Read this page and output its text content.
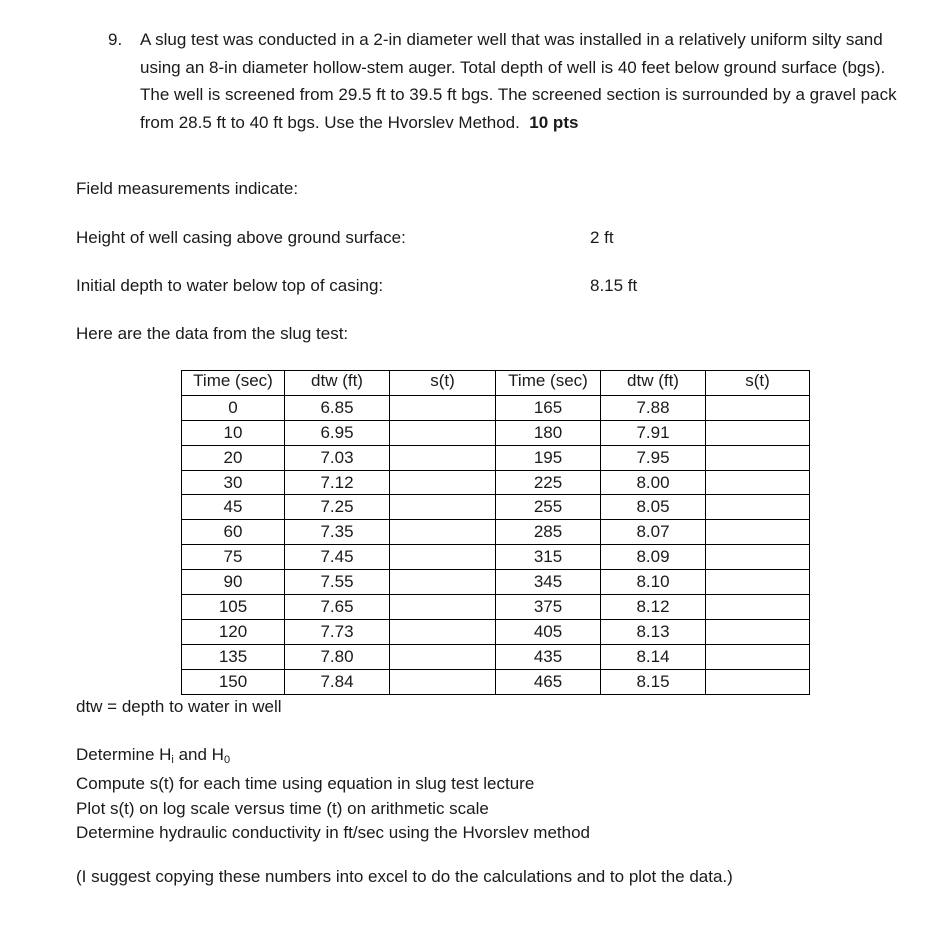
9. A slug test was conducted in a 2-in diameter well that was installed in a relatively uniform silty sand using an 8-in diameter hollow-stem auger. Total depth of well is 40 feet below ground surface (bgs). The well is screened from 29.5 ft to 39.5 ft bgs. The screened section is surrounded by a gravel pack from 28.5 ft to 40 ft bgs. Use the Hvorslev Method. 10 pts
Field measurements indicate:
Height of well casing above ground surface:	2 ft
Initial depth to water below top of casing:	8.15 ft
Here are the data from the slug test:
Time (sec)	dtw (ft)	s(t)	Time (sec)	dtw (ft)	s(t)
0	6.85		165	7.88	
10	6.95		180	7.91	
20	7.03		195	7.95	
30	7.12		225	8.00	
45	7.25		255	8.05	
60	7.35		285	8.07	
75	7.45		315	8.09	
90	7.55		345	8.10	
105	7.65		375	8.12	
120	7.73		405	8.13	
135	7.80		435	8.14	
150	7.84		465	8.15	
dtw = depth to water in well
Determine $H_i$ and $H_0$
Compute s(t) for each time using equation in slug test lecture
Plot s(t) on log scale versus time (t) on arithmetic scale
Determine hydraulic conductivity in ft/sec using the Hvorslev method
(I suggest copying these numbers into excel to do the calculations and to plot the data.)
